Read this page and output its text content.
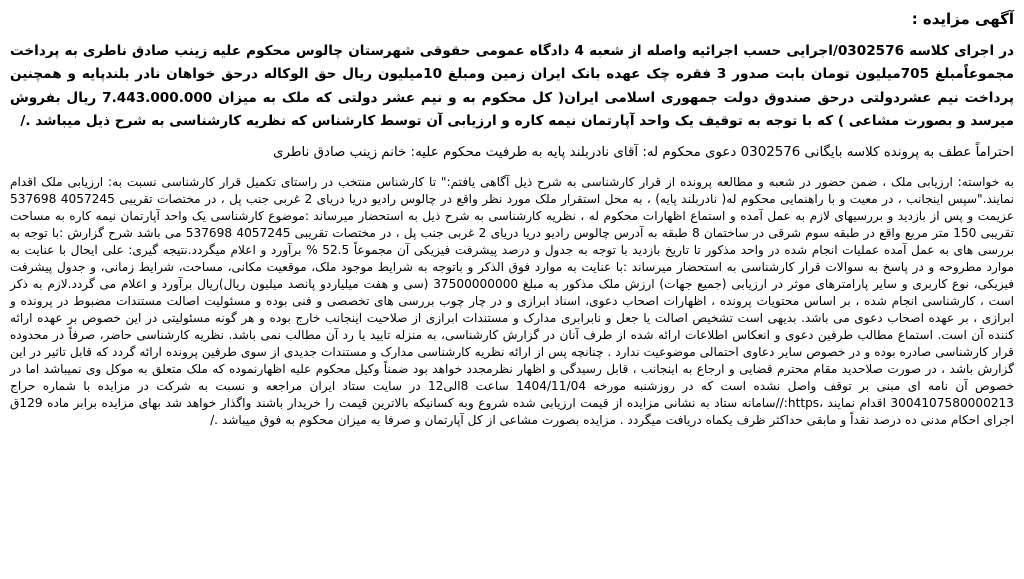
آگهی مزایده :

در اجرای کلاسه 0302576/اجرایی حسب اجرائیه واصله از شعبه 4 دادگاه عمومی حقوقی شهرستان چالوس محکوم علیه زینب صادق ناطری به پرداخت مجموعاًمبلغ 705میلیون تومان بابت صدور 3 فقره چک عهده بانک ایران زمین ومبلغ 10میلیون ریال حق الوکاله درحق خواهان نادر بلندپایه و همچنین پرداخت نیم عشردولتی درحق صندوق دولت جمهوری اسلامی ایران( کل محکوم به و نیم عشر دولتی که ملک به میزان 7.443.000.000 ریال بفروش میرسد و بصورت مشاعی ) که با توجه به توقیف یک واحد آپارتمان نیمه کاره و ارزیابی آن توسط کارشناس که نظریه کارشناسی به شرح ذیل میباشد ./

احتراماً عطف به پرونده کلاسه بایگانی 0302576 دعوی محکوم له: آقای نادربلند پایه به طرفیت محکوم علیه: خانم زینب صادق ناطری

به خواسته: ارزیابی ملک ، ضمن حضور در شعبه و مطالعه پرونده از قرار کارشناسی به شرح ذیل آگاهی یافتم:" تا کارشناس منتخب در راستای تکمیل قرار کارشناسی نسبت به: ارزیابی ملک اقدام نمایند."سپس اینجانب ، در معیت و با راهنمایی محکوم له( نادربلند پایه) ، به محل استقرار ملک مورد نظر واقع در چالوس رادیو دریا دریای 2 غربی جنب پل ، در مختصات تقریبی 4057245 537698 عزیمت و پس از بازدید و بررسیهای لازم به عمل آمده و استماع اظهارات محکوم له ، نظریه کارشناسی به شرح ذیل به استحضار میرساند :موضوع کارشناسی یک واحد آپارتمان نیمه کاره به مساحت تقریبی 150 متر مربع واقع در طبقه سوم شرقی در ساختمان 8 طبقه به آدرس چالوس رادیو دریا دریای 2 غربی جنب پل ، در مختصات تقریبی 4057245 537698 می باشد شرح گزارش :با توجه به بررسی های به عمل آمده عملیات انجام شده در واحد مذکور تا تاریخ بازدید با توجه به جدول و درصد پیشرفت فیزیکی آن مجموعاً 52.5 % برآورد و اعلام میگردد.نتیجه گیری: علی ایحال با عنایت به موارد مطروحه و در پاسخ به سوالات قرار کارشناسی به استحضار میرساند :با عنایت به موارد فوق الذکر و باتوجه به شرایط موجود ملک، موقعیت مکانی، مساحت، شرایط زمانی، و جدول پیشرفت فیزیکی، نوع کاربری و سایر پارامترهای موثر در ارزیابی (جمیع جهات) ارزش ملک مذکور به مبلغ 37500000000 (سی و هفت میلیاردو پانصد میلیون ریال)ریال برآورد و اعلام می گردد.لازم به ذکر است ، کارشناسی انجام شده ، بر اساس محتویات پرونده ، اظهارات اصحاب دعوی، اسناد ابرازی و در چار چوب بررسی های تخصصی و فنی بوده و مسئولیت اصالت مستندات مضبوط در پرونده و ابرازی ، بر عهده اصحاب دعوی می باشد. بدیهی است تشخیص اصالت یا جعل و نابرابری مدارک و مستندات ابرازی از صلاحیت اینجانب خارج بوده و هر گونه مسئولیتی در این خصوص بر عهده ارائه کننده آن است. استماع مطالب طرفین دعوی و انعکاس اطلاعات ارائه شده از طرف آنان در گزارش کارشناسی، به منزله تایید یا رد آن مطالب نمی باشد. نظریه کارشناسی حاضر، صرفاً در محدوده قرار کارشناسی صادره بوده و در خصوص سایر دعاوی احتمالی موضوعیت ندارد . چنانچه پس از ارائه نظریه کارشناسی مدارک و مستندات جدیدی از سوی طرفین پرونده ارائه گردد که قابل تاثیر در این گزارش باشد ، در صورت صلاحدید مقام محترم قضایی و ارجاع به اینجانب ، قابل رسیدگی و اظهار نظرمجدد خواهد بود ضمناً وکیل محکوم علیه اظهارنموده که ملک متعلق به موکل وی نمیباشد اما در خصوص آن نامه ای مبنی بر توقف واصل نشده است که در روزشنبه مورخه 1404/11/04 ساعت 8الی12 در سایت ستاد ایران مراجعه و نسبت به شرکت در مزایده با شماره حراج 3004107580000213 اقدام نمایند ،https://سامانه ستاد به نشانی مزایده از قیمت ارزیابی شده شروع وبه کسانیکه بالاترین قیمت را خریدار باشند واگذار خواهد شد بهای مزایده برابر ماده 129ق اجرای احکام مدنی ده درصد نقداً و مابقی حداکثر ظرف یکماه دریافت میگردد . مزایده بصورت مشاعی از کل آپارتمان و صرفا به میزان محکوم به فوق میباشد ./
